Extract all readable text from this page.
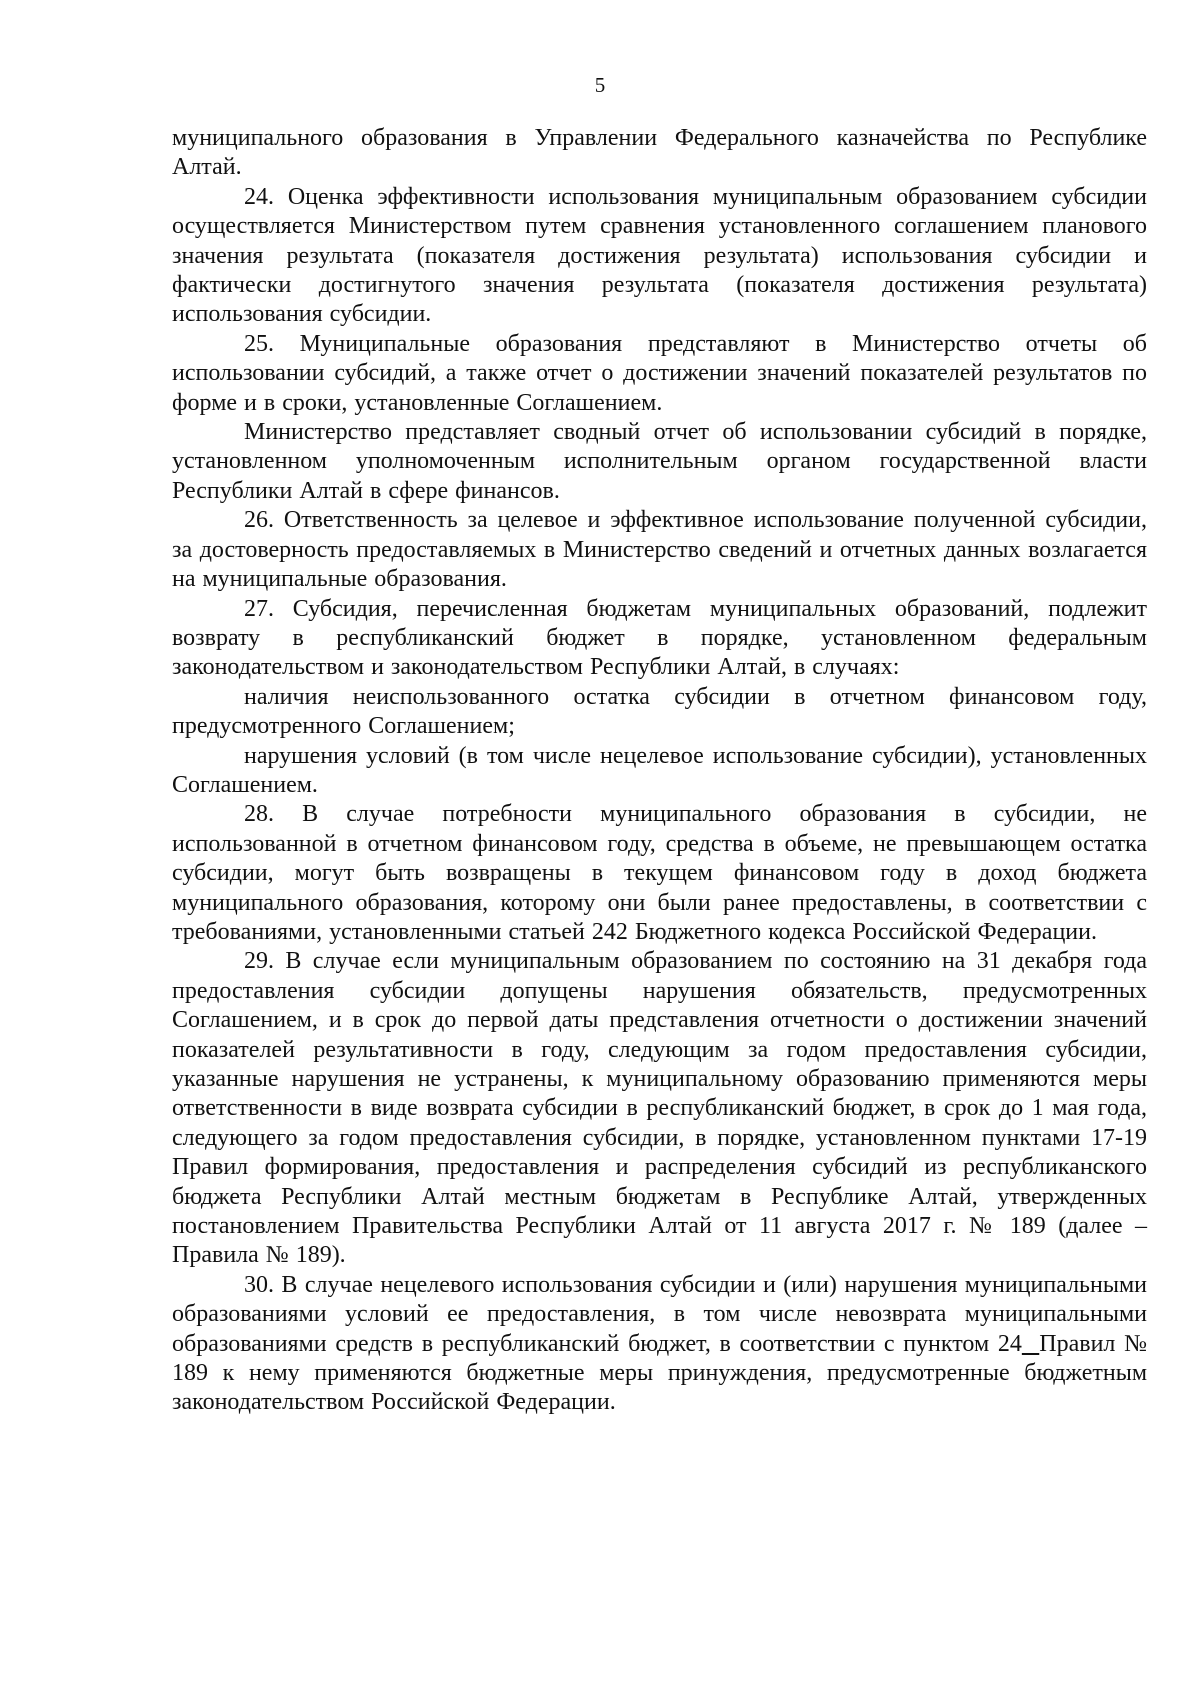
5

муниципального образования в Управлении Федерального казначейства по Республике Алтай.

24. Оценка эффективности использования муниципальным образованием субсидии осуществляется Министерством путем сравнения установленного соглашением планового значения результата (показателя достижения результата) использования субсидии и фактически достигнутого значения результата (показателя достижения результата) использования субсидии.

25. Муниципальные образования представляют в Министерство отчеты об использовании субсидий, а также отчет о достижении значений показателей результатов по форме и в сроки, установленные Соглашением.

Министерство представляет сводный отчет об использовании субсидий в порядке, установленном уполномоченным исполнительным органом государственной власти Республики Алтай в сфере финансов.

26. Ответственность за целевое и эффективное использование полученной субсидии, за достоверность предоставляемых в Министерство сведений и отчетных данных возлагается на муниципальные образования.

27. Субсидия, перечисленная бюджетам муниципальных образований, подлежит возврату в республиканский бюджет в порядке, установленном федеральным законодательством и законодательством Республики Алтай, в случаях:

наличия неиспользованного остатка субсидии в отчетном финансовом году, предусмотренного Соглашением;

нарушения условий (в том числе нецелевое использование субсидии), установленных Соглашением.

28. В случае потребности муниципального образования в субсидии, не использованной в отчетном финансовом году, средства в объеме, не превышающем остатка субсидии, могут быть возвращены в текущем финансовом году в доход бюджета муниципального образования, которому они были ранее предоставлены, в соответствии с требованиями, установленными статьей 242 Бюджетного кодекса Российской Федерации.

29. В случае если муниципальным образованием по состоянию на 31 декабря года предоставления субсидии допущены нарушения обязательств, предусмотренных Соглашением, и в срок до первой даты представления отчетности о достижении значений показателей результативности в году, следующим за годом предоставления субсидии, указанные нарушения не устранены, к муниципальному образованию применяются меры ответственности в виде возврата субсидии в республиканский бюджет, в срок до 1 мая года, следующего за годом предоставления субсидии, в порядке, установленном пунктами 17-19 Правил формирования, предоставления и распределения субсидий из республиканского бюджета Республики Алтай местным бюджетам в Республике Алтай, утвержденных постановлением Правительства Республики Алтай от 11 августа 2017 г. № 189 (далее – Правила № 189).

30. В случае нецелевого использования субсидии и (или) нарушения муниципальными образованиями условий ее предоставления, в том числе невозврата муниципальными образованиями средств в республиканский бюджет, в соответствии с пунктом 24 Правил № 189 к нему применяются бюджетные меры принуждения, предусмотренные бюджетным законодательством Российской Федерации.
